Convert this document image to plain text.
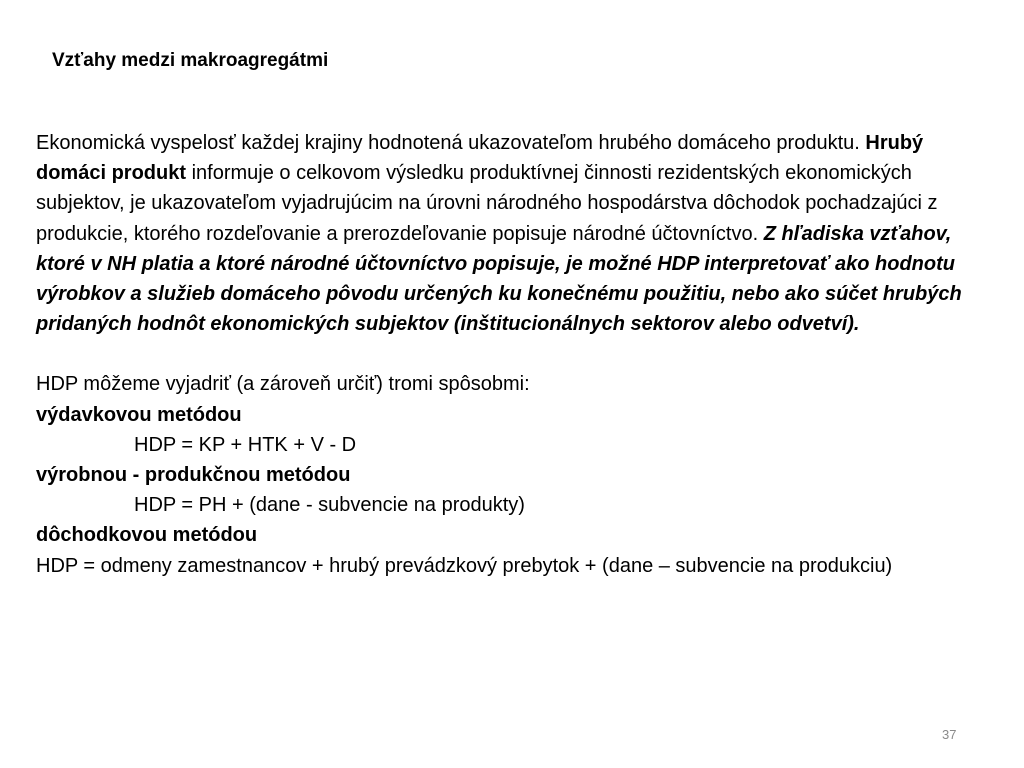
Vzťahy medzi makroagregátmi

Ekonomická vyspelosť každej krajiny hodnotená ukazovateľom hrubého domáceho produktu. Hrubý domáci produkt informuje o celkovom výsledku produktívnej činnosti rezidentských ekonomických subjektov, je ukazovateľom vyjadrujúcim na úrovni národného hospodárstva dôchodok pochadzajúci z produkcie, ktorého rozdeľovanie a prerozdeľovanie popisuje národné účtovníctvo. Z hľadiska vzťahov, ktoré v NH platia a ktoré národné účtovníctvo popisuje, je možné HDP interpretovať ako hodnotu výrobkov a služieb domáceho pôvodu určených ku konečnému použitiu, nebo ako súčet hrubých pridaných hodnôt ekonomických subjektov (inštitucionálnych sektorov alebo odvetví).

HDP môžeme vyjadriť (a zároveň určiť) tromi spôsobmi:

výdavkovou metódou

HDP = KP + HTK + V - D

výrobnou - produkčnou metódou

HDP = PH + (dane - subvencie na produkty)

dôchodkovou metódou

HDP = odmeny zamestnancov + hrubý prevádzkový prebytok + (dane – subvencie na produkciu)

37
